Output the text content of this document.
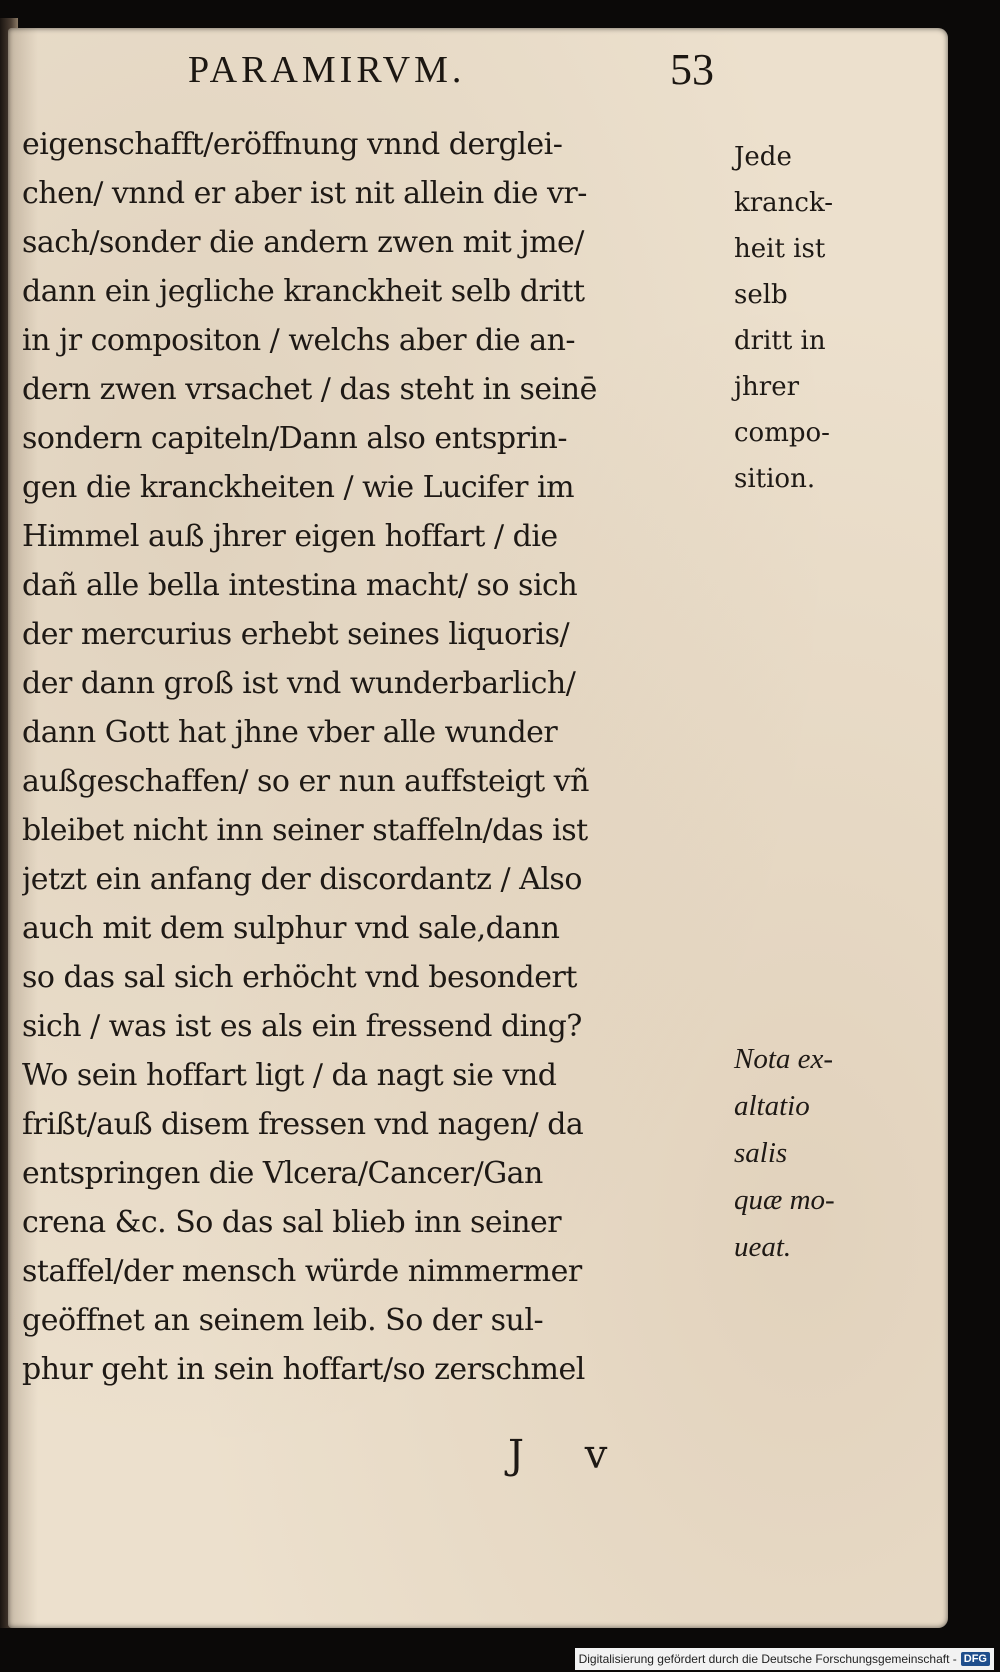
PARAMIRVM.	53
eigenschafft/eröffnung vnnd derglei-
chen/ vnnd er aber ist nit allein die vr-
sach/sonder die andern zwen mit jme/
dann ein jegliche kranckheit selb dritt
in jr compositon / welchs aber die an-
dern zwen vrsachet / das steht in seinē
sondern capiteln/Dann also entsprin-
gen die kranckheiten / wie Lucifer im
Himmel auß jhrer eigen hoffart / die
dañ alle bella intestina macht/ so sich
der mercurius erhebt seines liquoris/
der dann groß ist vnd wunderbarlich/
dann Gott hat jhne vber alle wunder
außgeschaffen/ so er nun auffsteigt vñ
bleibet nicht inn seiner staffeln/das ist
jetzt ein anfang der discordantz / Also
auch mit dem sulphur vnd sale,dann
so das sal sich erhöcht vnd besondert
sich / was ist es als ein fressend ding?
Wo sein hoffart ligt / da nagt sie vnd
frißt/auß disem fressen vnd nagen/ da
entspringen die Vlcera/Cancer/Gan
crena &c. So das sal blieb inn seiner
staffel/der mensch würde nimmermer
geöffnet an seinem leib. So der sul-
phur geht in sein hoffart/so zerschmel
Jede
kranck-
heit ist
selb
dritt in
jhrer
compo-
sition.
Nota ex-
altatio
salis
quæ mo-
ueat.
J v
Digitalisierung gefördert durch die Deutsche Forschungsgemeinschaft - DFG
